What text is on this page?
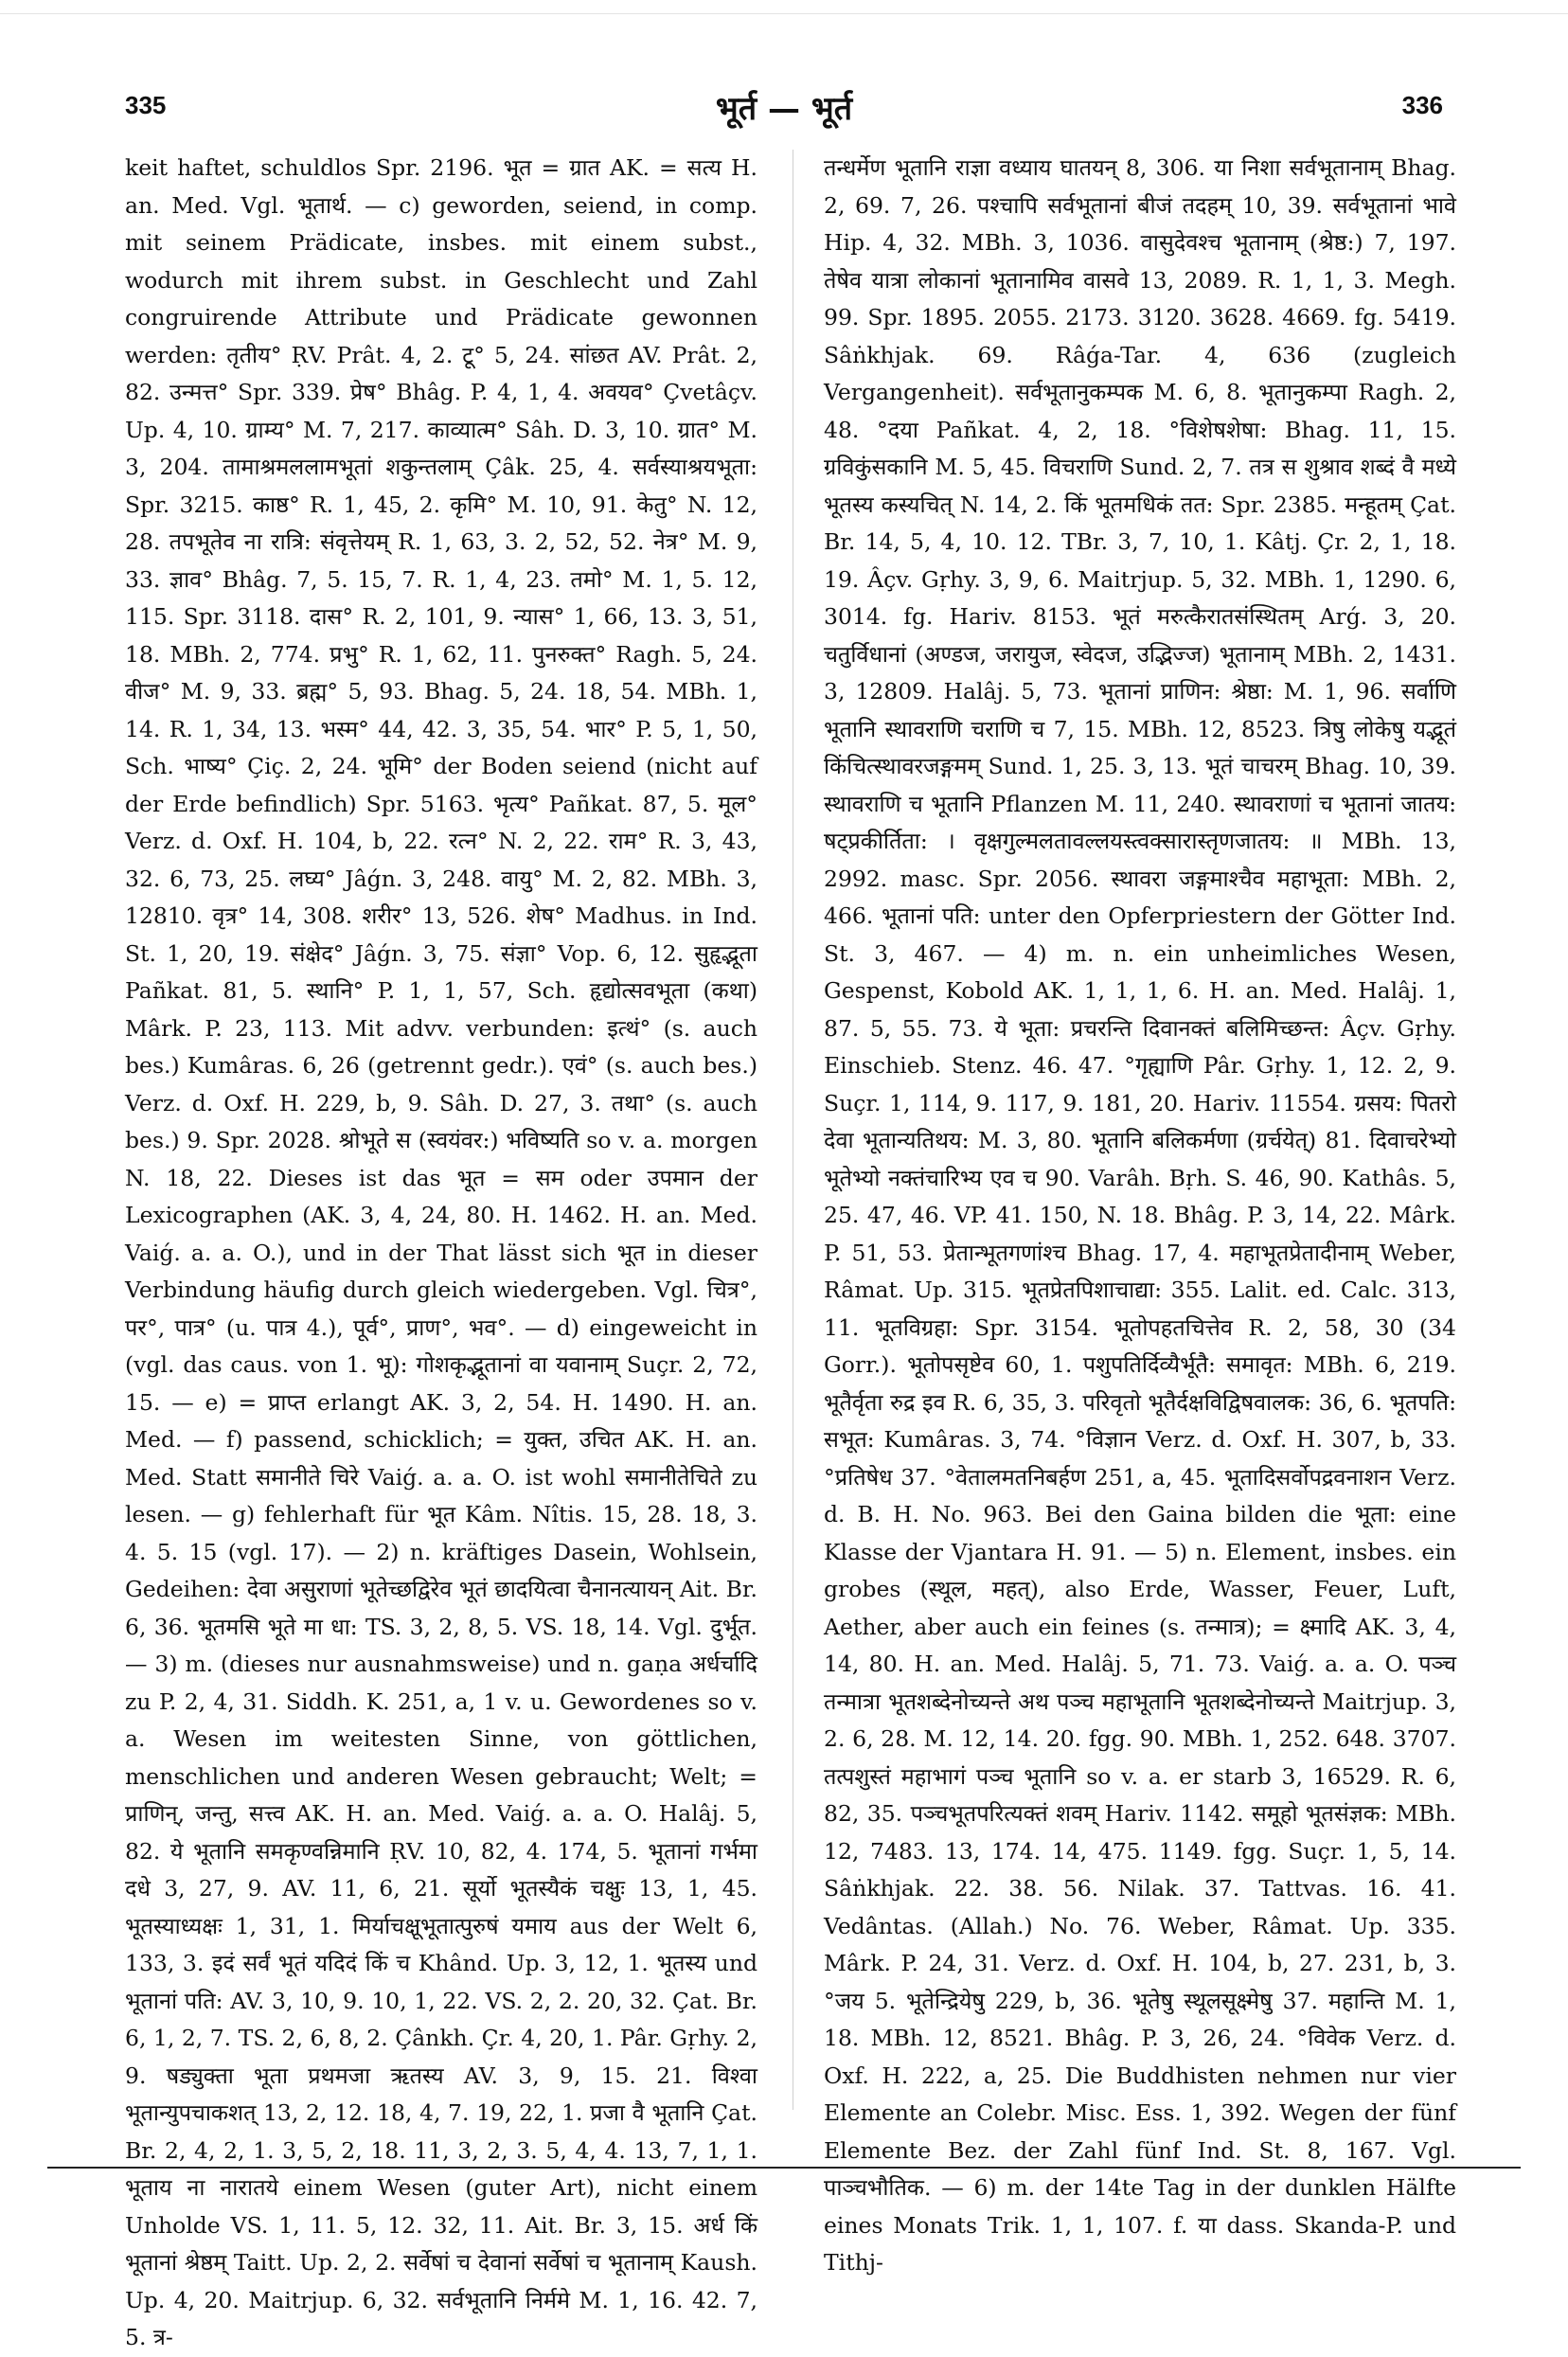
335	भूर्त — भूर्त	336

keit haftet, schuldlos Spr. 2196. भूत = ग्रात AK. = सत्य H. an. Med. Vgl. भूतार्थ. — c) geworden, seiend, in comp. mit seinem Prädicate, insbes. mit einem subst., wodurch mit ihrem subst. in Geschlecht und Zahl congruirende Attribute und Prädicate gewonnen werden: तृतीय° ṚV. Prât. 4, 2. टू° 5, 24. सांछत AV. Prât. 2, 82. उन्मत्त° Spr. 339. प्रेष° Bhâg. P. 4, 1, 4. अवयव° Çvetâçv. Up. 4, 10. ग्राम्य° M. 7, 217. काव्यात्म° Sâh. D. 3, 10. ग्रात° M. 3, 204. तामाश्रमललामभूतां शकुन्तलाम् Çâk. 25, 4. सर्वस्याश्रयभूता: Spr. 3215. काष्ठ° R. 1, 45, 2. कृमि° M. 10, 91. केतु° N. 12, 28. तपभूतेव ना रात्रि: संवृत्तेयम् R. 1, 63, 3. 2, 52, 52. नेत्र° M. 9, 33. ज्ञाव° Bhâg. 7, 5. 15, 7. R. 1, 4, 23. तमो° M. 1, 5. 12, 115. Spr. 3118. दास° R. 2, 101, 9. न्यास° 1, 66, 13. 3, 51, 18. MBh. 2, 774. प्रभु° R. 1, 62, 11. पुनरुक्त° Ragh. 5, 24. वीज° M. 9, 33. ब्रह्म° 5, 93. Bhag. 5, 24. 18, 54. MBh. 1, 14. R. 1, 34, 13. भस्म° 44, 42. 3, 35, 54. भार° P. 5, 1, 50, Sch. भाष्य° Çiç. 2, 24. भूमि° der Boden seiend (nicht auf der Erde befindlich) Spr. 5163. भृत्य° Pañkat. 87, 5. मूल° Verz. d. Oxf. H. 104, b, 22. रत्न° N. 2, 22. राम° R. 3, 43, 32. 6, 73, 25. लघ्य° Jâǵn. 3, 248. वायु° M. 2, 82. MBh. 3, 12810. वृत्र° 14, 308. शरीर° 13, 526. शेष° Madhus. in Ind. St. 1, 20, 19. संक्षेद° Jâǵn. 3, 75. संज्ञा° Vop. 6, 12. सुहृद्भूता Pañkat. 81, 5. स्थानि° P. 1, 1, 57, Sch. हृद्योत्सवभूता (कथा) Mârk. P. 23, 113. Mit advv. verbunden: इत्थं° (s. auch bes.) Kumâras. 6, 26 (getrennt gedr.). एवं° (s. auch bes.) Verz. d. Oxf. H. 229, b, 9. Sâh. D. 27, 3. तथा° (s. auch bes.) 9. Spr. 2028. श्रोभूते स (स्वयंवर:) भविष्यति so v. a. morgen N. 18, 22. Dieses ist das भूत = सम oder उपमान der Lexicographen (AK. 3, 4, 24, 80. H. 1462. H. an. Med. Vaiǵ. a. a. O.), und in der That lässt sich भूत in dieser Verbindung häufig durch gleich wiedergeben. Vgl. चित्र°, पर°, पात्र° (u. पात्र 4.), पूर्व°, प्राण°, भव°. — d) eingeweicht in (vgl. das caus. von 1. भू): गोशकृद्भूतानां वा यवानाम् Suçr. 2, 72, 15. — e) = प्राप्त erlangt AK. 3, 2, 54. H. 1490. H. an. Med. — f) passend, schicklich; = युक्त, उचित AK. H. an. Med. Statt समानीते चिरे Vaiǵ. a. a. O. ist wohl समानीतेचिते zu lesen. — g) fehlerhaft für भूत Kâm. Nîtis. 15, 28. 18, 3. 4. 5. 15 (vgl. 17). — 2) n. kräftiges Dasein, Wohlsein, Gedeihen: देवा असुराणां भूतेच्छद्विरेव भूतं छादयित्वा चैनानत्यायन् Ait. Br. 6, 36. भूतमसि भूते मा धा: TS. 3, 2, 8, 5. VS. 18, 14. Vgl. दुर्भूत. — 3) m. (dieses nur ausnahmsweise) und n. gaṇa अर्धर्चादि zu P. 2, 4, 31. Siddh. K. 251, a, 1 v. u. Gewordenes so v. a. Wesen im weitesten Sinne, von göttlichen, menschlichen und anderen Wesen gebraucht; Welt; = प्राणिन्, जन्तु, सत्त्व AK. H. an. Med. Vaiǵ. a. a. O. Halâj. 5, 82. ये भूतानि समकृण्वन्निमानि ṚV. 10, 82, 4. 174, 5. भूतानां गर्भमा दधे 3, 27, 9. AV. 11, 6, 21. सूर्यो भूतस्यैकं चक्षुः 13, 1, 45. भूतस्याध्यक्षः 1, 31, 1. मिर्याचक्षूभूतात्पुरुषं यमाय aus der Welt 6, 133, 3. इदं सर्वं भूतं यदिदं किं च Khând. Up. 3, 12, 1. भूतस्य und भूतानां पति: AV. 3, 10, 9. 10, 1, 22. VS. 2, 2. 20, 32. Çat. Br. 6, 1, 2, 7. TS. 2, 6, 8, 2. Çânkh. Çr. 4, 20, 1. Pâr. Gṛhy. 2, 9. षड्युक्ता भूता प्रथमजा ऋतस्य AV. 3, 9, 15. 21. विश्वा भूतान्युपचाकशत् 13, 2, 12. 18, 4, 7. 19, 22, 1. प्रजा वै भूतानि Çat. Br. 2, 4, 2, 1. 3, 5, 2, 18. 11, 3, 2, 3. 5, 4, 4. 13, 7, 1, 1. भूताय ना नारातये einem Wesen (guter Art), nicht einem Unholde VS. 1, 11. 5, 12. 32, 11. Ait. Br. 3, 15. अर्ध किं भूतानां श्रेष्ठम् Taitt. Up. 2, 2. सर्वेषां च देवानां सर्वेषां च भूतानाम् Kaush. Up. 4, 20. Maitrjup. 6, 32. सर्वभूतानि निर्ममे M. 1, 16. 42. 7, 5. त्र-

तन्धर्मेण भूतानि राज्ञा वध्याय घातयन् 8, 306. या निशा सर्वभूतानाम् Bhag. 2, 69. 7, 26. पश्चापि सर्वभूतानां बीजं तदहम् 10, 39. सर्वभूतानां भावे Hip. 4, 32. MBh. 3, 1036. वासुदेवश्च भूतानाम् (श्रेष्ठ:) 7, 197. तेषेव यात्रा लोकानां भूतानामिव वासवे 13, 2089. R. 1, 1, 3. Megh. 99. Spr. 1895. 2055. 2173. 3120. 3628. 4669. fg. 5419. Sâṅkhjak. 69. Râǵa-Tar. 4, 636 (zugleich Vergangenheit). सर्वभूतानुकम्पक M. 6, 8. भूतानुकम्पा Ragh. 2, 48. °दया Pañkat. 4, 2, 18. °विशेषशेषा: Bhag. 11, 15. ग्रविकुंसकानि M. 5, 45. विचराणि Sund. 2, 7. तत्र स शुश्राव शब्दं वै मध्ये भूतस्य कस्यचित् N. 14, 2. किं भूतमधिकं तत: Spr. 2385. मन्हूतम् Çat. Br. 14, 5, 4, 10. 12. TBr. 3, 7, 10, 1. Kâtj. Çr. 2, 1, 18. 19. Âçv. Gṛhy. 3, 9, 6. Maitrjup. 5, 32. MBh. 1, 1290. 6, 3014. fg. Hariv. 8153. भूतं मरुत्कैरातसंस्थितम् Arǵ. 3, 20. चतुर्विधानां (अण्डज, जरायुज, स्वेदज, उद्भिज्ज) भूतानाम् MBh. 2, 1431. 3, 12809. Halâj. 5, 73. भूतानां प्राणिन: श्रेष्ठा: M. 1, 96. सर्वाणि भूतानि स्थावराणि चराणि च 7, 15. MBh. 12, 8523. त्रिषु लोकेषु यद्भूतं किंचित्स्थावरजङ्गमम् Sund. 1, 25. 3, 13. भूतं चाचरम् Bhag. 10, 39. स्थावराणि च भूतानि Pflanzen M. 11, 240. स्थावराणां च भूतानां जातय: षट्प्रकीर्तिता: । वृक्षगुल्मलतावल्लयस्त्वक्सारास्तृणजातय: ॥ MBh. 13, 2992. masc. Spr. 2056. स्थावरा जङ्गमाश्चैव महाभूता: MBh. 2, 466. भूतानां पति: unter den Opferpriestern der Götter Ind. St. 3, 467. — 4) m. n. ein unheimliches Wesen, Gespenst, Kobold AK. 1, 1, 1, 6. H. an. Med. Halâj. 1, 87. 5, 55. 73. ये भूता: प्रचरन्ति दिवानक्तं बलिमिच्छन्त: Âçv. Gṛhy. Einschieb. Stenz. 46. 47. °गृह्याणि Pâr. Gṛhy. 1, 12. 2, 9. Suçr. 1, 114, 9. 117, 9. 181, 20. Hariv. 11554. ग्रसय: पितरो देवा भूतान्यतिथय: M. 3, 80. भूतानि बलिकर्मणा (ग्रर्चयेत्) 81. दिवाचरेभ्यो भूतेभ्यो नक्तंचारिभ्य एव च 90. Varâh. Bṛh. S. 46, 90. Kathâs. 5, 25. 47, 46. VP. 41. 150, N. 18. Bhâg. P. 3, 14, 22. Mârk. P. 51, 53. प्रेतान्भूतगणांश्च Bhag. 17, 4. महाभूतप्रेतादीनाम् Weber, Râmat. Up. 315. भूतप्रेतपिशाचाद्या: 355. Lalit. ed. Calc. 313, 11. भूतविग्रहा: Spr. 3154. भूतोपहतचित्तेव R. 2, 58, 30 (34 Gorr.). भूतोपसृष्टेव 60, 1. पशुपतिर्दिव्यैर्भूतै: समावृत: MBh. 6, 219. भूतैर्वृता रुद्र इव R. 6, 35, 3. परिवृतो भूतैर्दक्षविद्विषवालक: 36, 6. भूतपति: सभूत: Kumâras. 3, 74. °विज्ञान Verz. d. Oxf. H. 307, b, 33. °प्रतिषेध 37. °वेतालमतनिबर्हण 251, a, 45. भूतादिसर्वोपद्रवनाशन Verz. d. B. H. No. 963. Bei den Gaina bilden die भूता: eine Klasse der Vjantara H. 91. — 5) n. Element, insbes. ein grobes (स्थूल, महत्), also Erde, Wasser, Feuer, Luft, Aether, aber auch ein feines (s. तन्मात्र); = क्ष्मादि AK. 3, 4, 14, 80. H. an. Med. Halâj. 5, 71. 73. Vaiǵ. a. a. O. पञ्च तन्मात्रा भूतशब्देनोच्यन्ते अथ पञ्च महाभूतानि भूतशब्देनोच्यन्ते Maitrjup. 3, 2. 6, 28. M. 12, 14. 20. fgg. 90. MBh. 1, 252. 648. 3707. तत्पशुस्तं महाभागं पञ्च भूतानि so v. a. er starb 3, 16529. R. 6, 82, 35. पञ्चभूतपरित्यक्तं शवम् Hariv. 1142. समूहो भूतसंज्ञक: MBh. 12, 7483. 13, 174. 14, 475. 1149. fgg. Suçr. 1, 5, 14. Sâṅkhjak. 22. 38. 56. Nilak. 37. Tattvas. 16. 41. Vedântas. (Allah.) No. 76. Weber, Râmat. Up. 335. Mârk. P. 24, 31. Verz. d. Oxf. H. 104, b, 27. 231, b, 3. °जय 5. भूतेन्द्रियेषु 229, b, 36. भूतेषु स्थूलसूक्ष्मेषु 37. महान्ति M. 1, 18. MBh. 12, 8521. Bhâg. P. 3, 26, 24. °विवेक Verz. d. Oxf. H. 222, a, 25. Die Buddhisten nehmen nur vier Elemente an Colebr. Misc. Ess. 1, 392. Wegen der fünf Elemente Bez. der Zahl fünf Ind. St. 8, 167. Vgl. पाञ्चभौतिक. — 6) m. der 14te Tag in der dunklen Hälfte eines Monats Trik. 1, 1, 107. f. या dass. Skanda-P. und Tithj-
